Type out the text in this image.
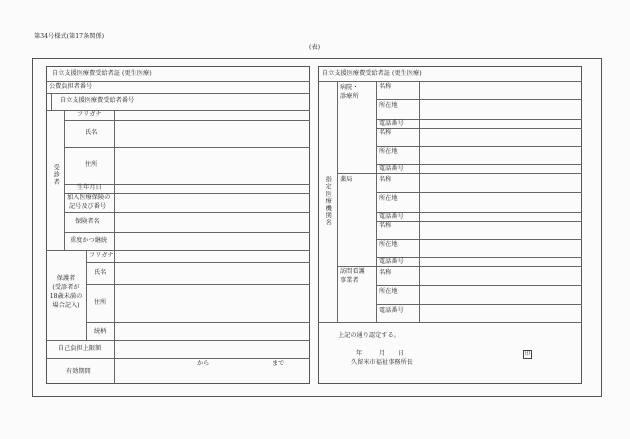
第34号様式(第17条関係)
(表)
自立支援医療費受給者証 (更生医療)
公費負担者番号
自立支援医療費受給者番号
受診者
フリガナ
氏名
住所
生年月日
加入医療保険の
記号及び番号
保険者名
重度かつ継続
保護者
(受診者が
18歳未満の
場合記入)
フリガナ
氏名
住所
続柄
自己負担上限額
有効期間
から	まで
自立支援医療費受給者証 (更生医療)
指定医療機関名
病院・
診療所
薬局
訪問看護
事業者
名称
所在地
電話番号
名称
所在地
電話番号
名称
所在地
電話番号
名称
所在地
電話番号
名称
所在地
電話番号
上記の通り認定する。
年	月 日
久留米市福祉事務所長
印
